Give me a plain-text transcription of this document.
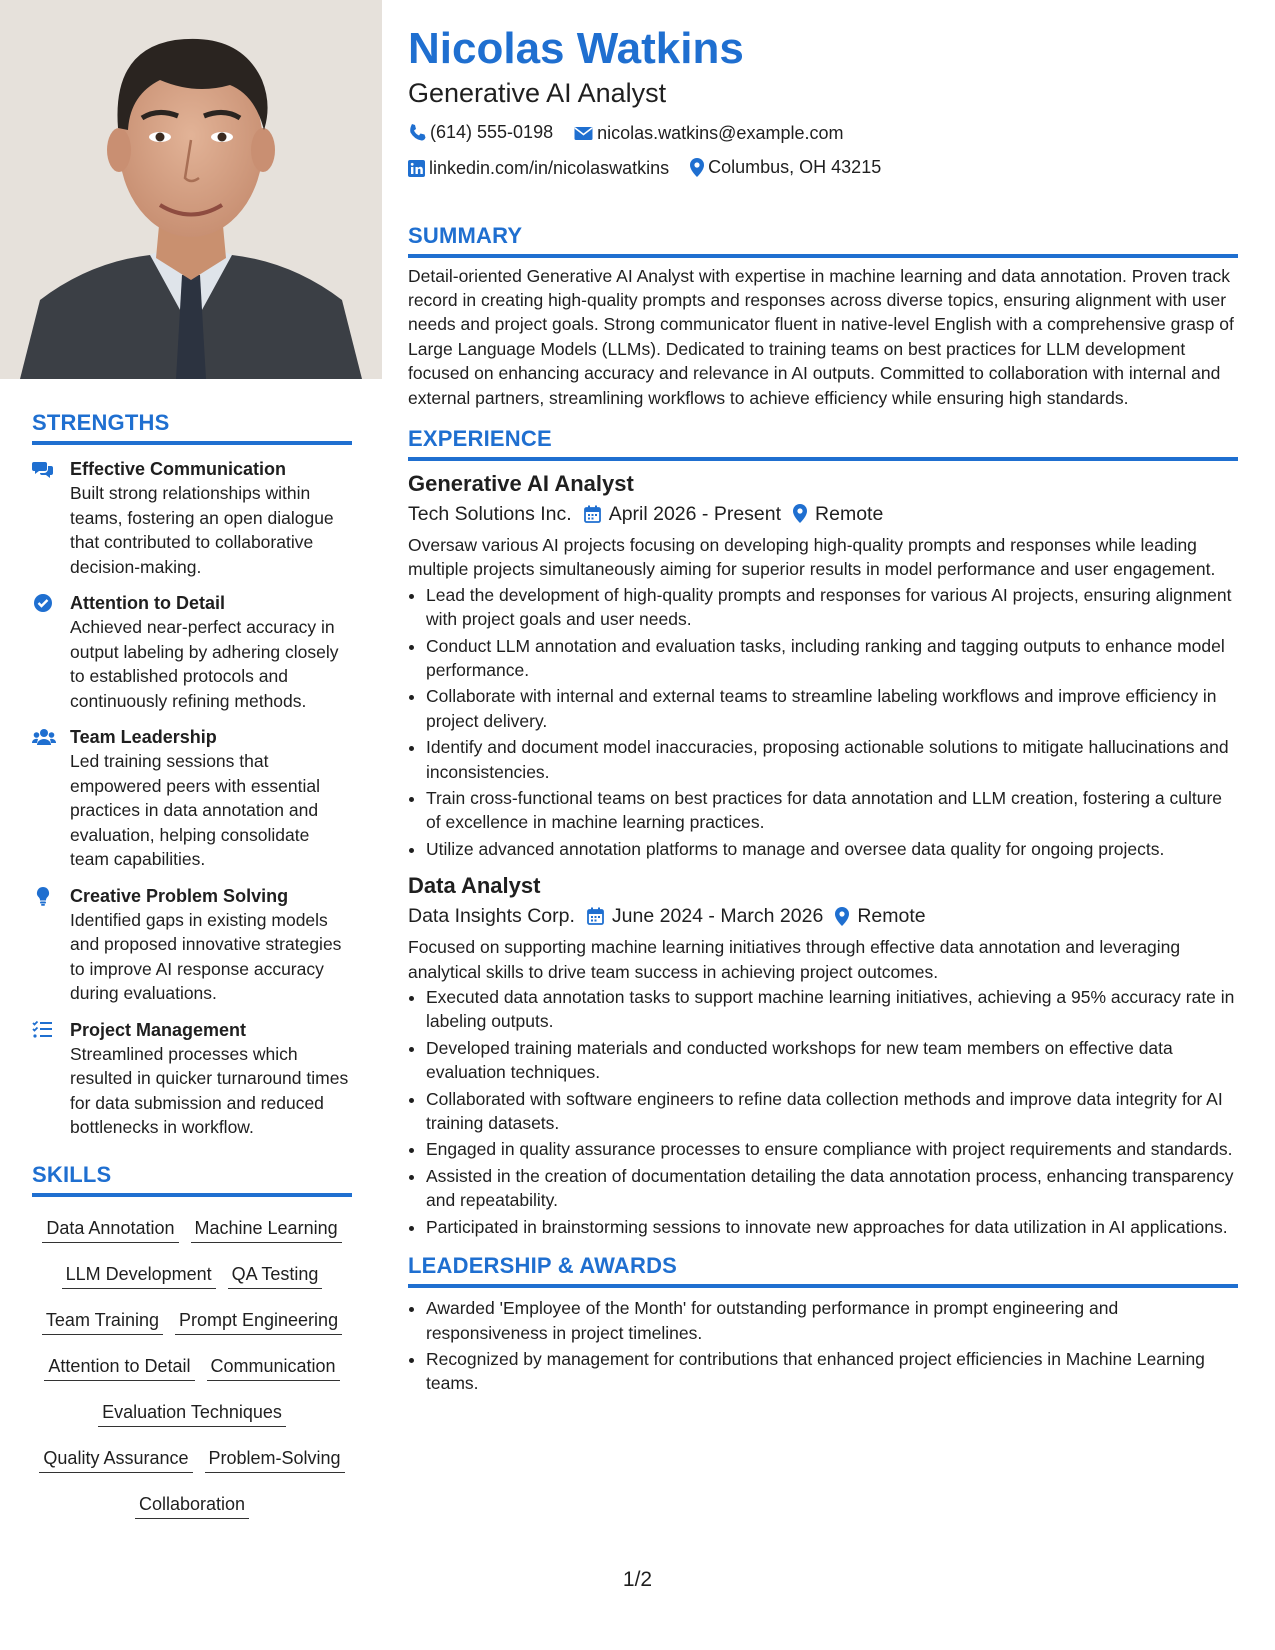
STRENGTHS
Effective Communication
Built strong relationships within teams, fostering an open dialogue that contributed to collaborative decision-making.
Attention to Detail
Achieved near-perfect accuracy in output labeling by adhering closely to established protocols and continuously refining methods.
Team Leadership
Led training sessions that empowered peers with essential practices in data annotation and evaluation, helping consolidate team capabilities.
Creative Problem Solving
Identified gaps in existing models and proposed innovative strategies to improve AI response accuracy during evaluations.
Project Management
Streamlined processes which resulted in quicker turnaround times for data submission and reduced bottlenecks in workflow.
SKILLS
Data Annotation Machine Learning
LLM Development QA Testing
Team Training Prompt Engineering
Attention to Detail Communication
Evaluation Techniques
Quality Assurance Problem-Solving
Collaboration
Nicolas Watkins
Generative AI Analyst
(614) 555-0198
nicolas.watkins@example.com
linkedin.com/in/nicolaswatkins
Columbus, OH 43215
SUMMARY

Detail-oriented Generative AI Analyst with expertise in machine learning and data annotation. Proven track record in creating high-quality prompts and responses across diverse topics, ensuring alignment with user needs and project goals. Strong communicator fluent in native-level English with a comprehensive grasp of Large Language Models (LLMs). Dedicated to training teams on best practices for LLM development focused on enhancing accuracy and relevance in AI outputs. Committed to collaboration with internal and external partners, streamlining workflows to achieve efficiency while ensuring high standards.

EXPERIENCE
Generative AI Analyst
Tech Solutions Inc. April 2026 - Present Remote

Oversaw various AI projects focusing on developing high-quality prompts and responses while leading multiple projects simultaneously aiming for superior results in model performance and user engagement.

• Lead the development of high-quality prompts and responses for various AI projects, ensuring alignment with project goals and user needs.
• Conduct LLM annotation and evaluation tasks, including ranking and tagging outputs to enhance model performance.
• Collaborate with internal and external teams to streamline labeling workflows and improve efficiency in project delivery.
• Identify and document model inaccuracies, proposing actionable solutions to mitigate hallucinations and inconsistencies.
• Train cross-functional teams on best practices for data annotation and LLM creation, fostering a culture of excellence in machine learning practices.
• Utilize advanced annotation platforms to manage and oversee data quality for ongoing projects.
Data Analyst
Data Insights Corp. June 2024 - March 2026 Remote

Focused on supporting machine learning initiatives through effective data annotation and leveraging analytical skills to drive team success in achieving project outcomes.

• Executed data annotation tasks to support machine learning initiatives, achieving a 95% accuracy rate in labeling outputs.
• Developed training materials and conducted workshops for new team members on effective data evaluation techniques.
• Collaborated with software engineers to refine data collection methods and improve data integrity for AI training datasets.
• Engaged in quality assurance processes to ensure compliance with project requirements and standards.
• Assisted in the creation of documentation detailing the data annotation process, enhancing transparency and repeatability.
• Participated in brainstorming sessions to innovate new approaches for data utilization in AI applications.
LEADERSHIP & AWARDS
• Awarded 'Employee of the Month' for outstanding performance in prompt engineering and responsiveness in project timelines.
• Recognized by management for contributions that enhanced project efficiencies in Machine Learning teams.
1/2
